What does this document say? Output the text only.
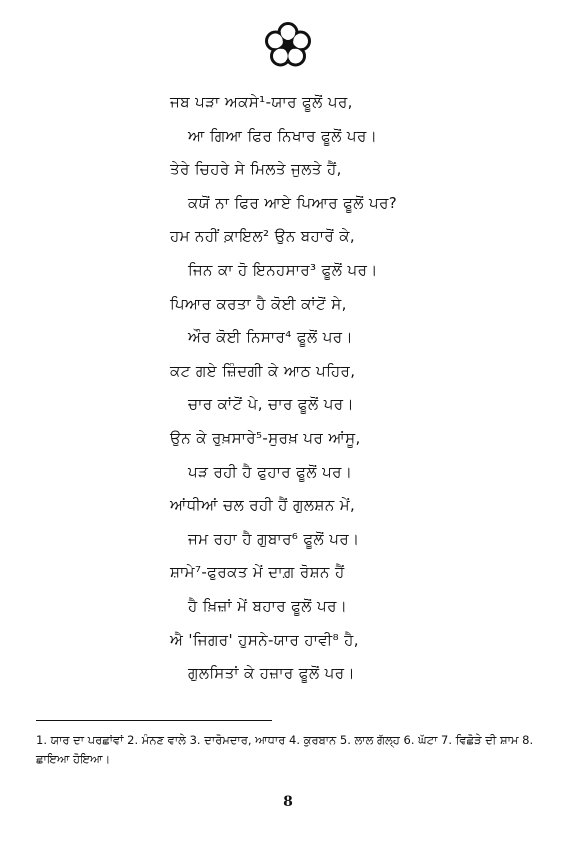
ਜਬ ਪੜਾ ਅਕਸੇ¹-ਯਾਰ ਫੂਲੋਂ ਪਰ,
ਆ ਗਿਆ ਫਿਰ ਨਿਖਾਰ ਫੂਲੋਂ ਪਰ।
ਤੇਰੇ ਚਿਹਰੇ ਸੇ ਮਿਲਤੇ ਜੁਲਤੇ ਹੈਂ,
ਕਯੋਂ ਨਾ ਫਿਰ ਆਏ ਪਿਆਰ ਫੂਲੋਂ ਪਰ?
ਹਮ ਨਹੀਂ ਕ਼ਾਇਲ² ਉਨ ਬਹਾਰੋਂ ਕੇ,
ਜਿਨ ਕਾ ਹੋ ਇਨਹਸਾਰ³ ਫੂਲੋਂ ਪਰ।
ਪਿਆਰ ਕਰਤਾ ਹੈ ਕੋਈ ਕਾਂਟੋਂ ਸੇ,
ਔਰ ਕੋਈ ਨਿਸਾਰ⁴ ਫੂਲੋਂ ਪਰ।
ਕਟ ਗਏ ਜ਼ਿੰਦਗੀ ਕੇ ਆਠ ਪਹਿਰ,
ਚਾਰ ਕਾਂਟੋਂ ਪੇ, ਚਾਰ ਫੂਲੋਂ ਪਰ।
ਉਨ ਕੇ ਰੁਖ਼ਸਾਰੇ⁵-ਸੁਰਖ਼ ਪਰ ਆਂਸੂ,
ਪੜ ਰਹੀ ਹੈ ਫੁਹਾਰ ਫੂਲੋਂ ਪਰ।
ਆਂਧੀਆਂ ਚਲ ਰਹੀ ਹੈਂ ਗੁਲਸ਼ਨ ਮੇਂ,
ਜਮ ਰਹਾ ਹੈ ਗੁਬਾਰ⁶ ਫੂਲੋਂ ਪਰ।
ਸ਼ਾਮੇ⁷-ਫੁਰਕਤ ਮੇਂ ਦਾਗ਼ ਰੋਸ਼ਨ ਹੈਂ
ਹੈ ਖ਼ਿਜ਼ਾਂ ਮੇਂ ਬਹਾਰ ਫੂਲੋਂ ਪਰ।
ਐ 'ਜਿਗਰ' ਹੁਸਨੇ-ਯਾਰ ਹਾਵੀ⁸ ਹੈ,
ਗੁਲਸਿਤਾਂ ਕੇ ਹਜ਼ਾਰ ਫੂਲੋਂ ਪਰ।
1. ਯਾਰ ਦਾ ਪਰਛਾਂਵਾਂ 2. ਮੰਨਣ ਵਾਲੇ 3. ਦਾਰੋਮਦਾਰ, ਆਧਾਰ 4. ਕੁਰਬਾਨ 5. ਲਾਲ ਗੱਲ੍ਹ 6. ਘੱਟਾ 7. ਵਿਛੋੜੇ ਦੀ ਸ਼ਾਮ 8. ਛਾਇਆ ਹੋਇਆ।
8
